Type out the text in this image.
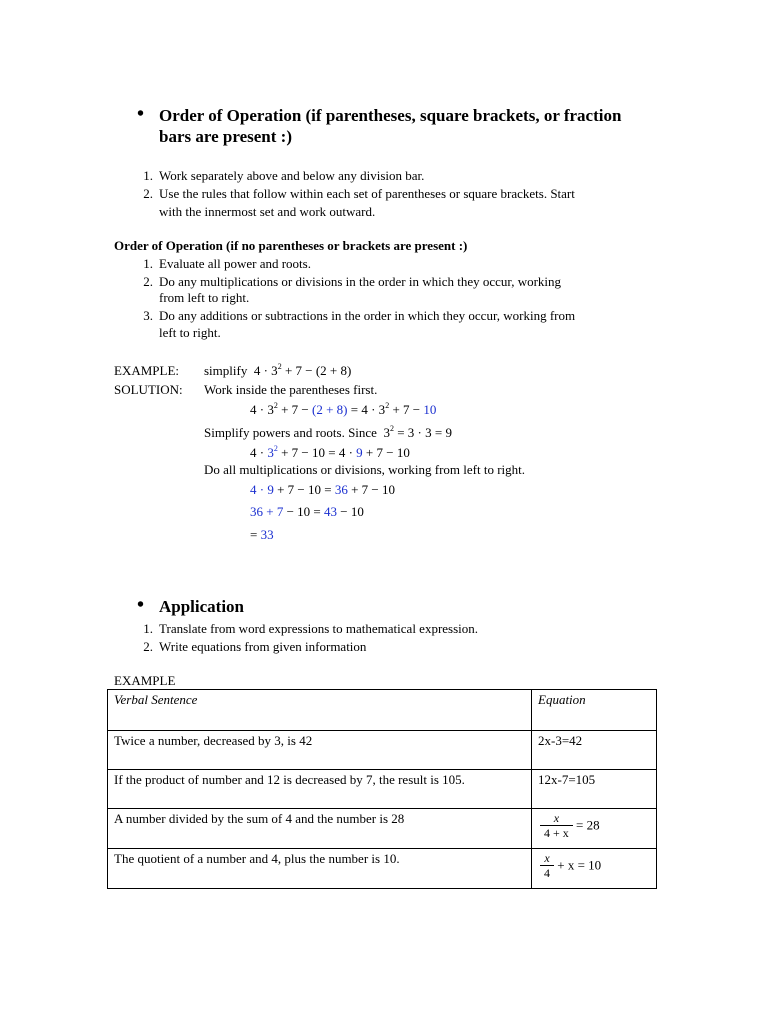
• Order of Operation (if parentheses, square brackets, or fraction
bars are present :)
1. Work separately above and below any division bar.
2. Use the rules that follow within each set of parentheses or square brackets. Start
with the innermost set and work outward.
Order of Operation (if no parentheses or brackets are present :)
1. Evaluate all power and roots.
2. Do any multiplications or divisions in the order in which they occur, working
from left to right.
3. Do any additions or subtractions in the order in which they occur, working from
left to right.
EXAMPLE: simplify  $4 \cdot 3^2 + 7 - (2 + 8)$
SOLUTION: Work inside the parentheses first.
$4 \cdot 3^2 + 7 - (2 + 8) = 4 \cdot 3^2 + 7 - 10$
Simplify powers and roots. Since  $3^2 = 3 \cdot 3 = 9$
$4 \cdot 3^2 + 7 - 10 = 4 \cdot 9 + 7 - 10$
Do all multiplications or divisions, working from left to right.
4 · 9 + 7 − 10 = 36 + 7 − 10
36 + 7 − 10 = 43 − 10
= 33
• Application
1. Translate from word expressions to mathematical expression.
2. Write equations from given information
EXAMPLE
Verbal Sentence	Equation
Twice a number, decreased by 3, is 42	2x-3=42
If the product of number and 12 is decreased by 7, the result is 105.	12x-7=105
A number divided by the sum of 4 and the number is 28	$\frac{x}{4 + x} = 28$
The quotient of a number and 4, plus the number is 10.	$\frac{x}{4} + x = 10$
